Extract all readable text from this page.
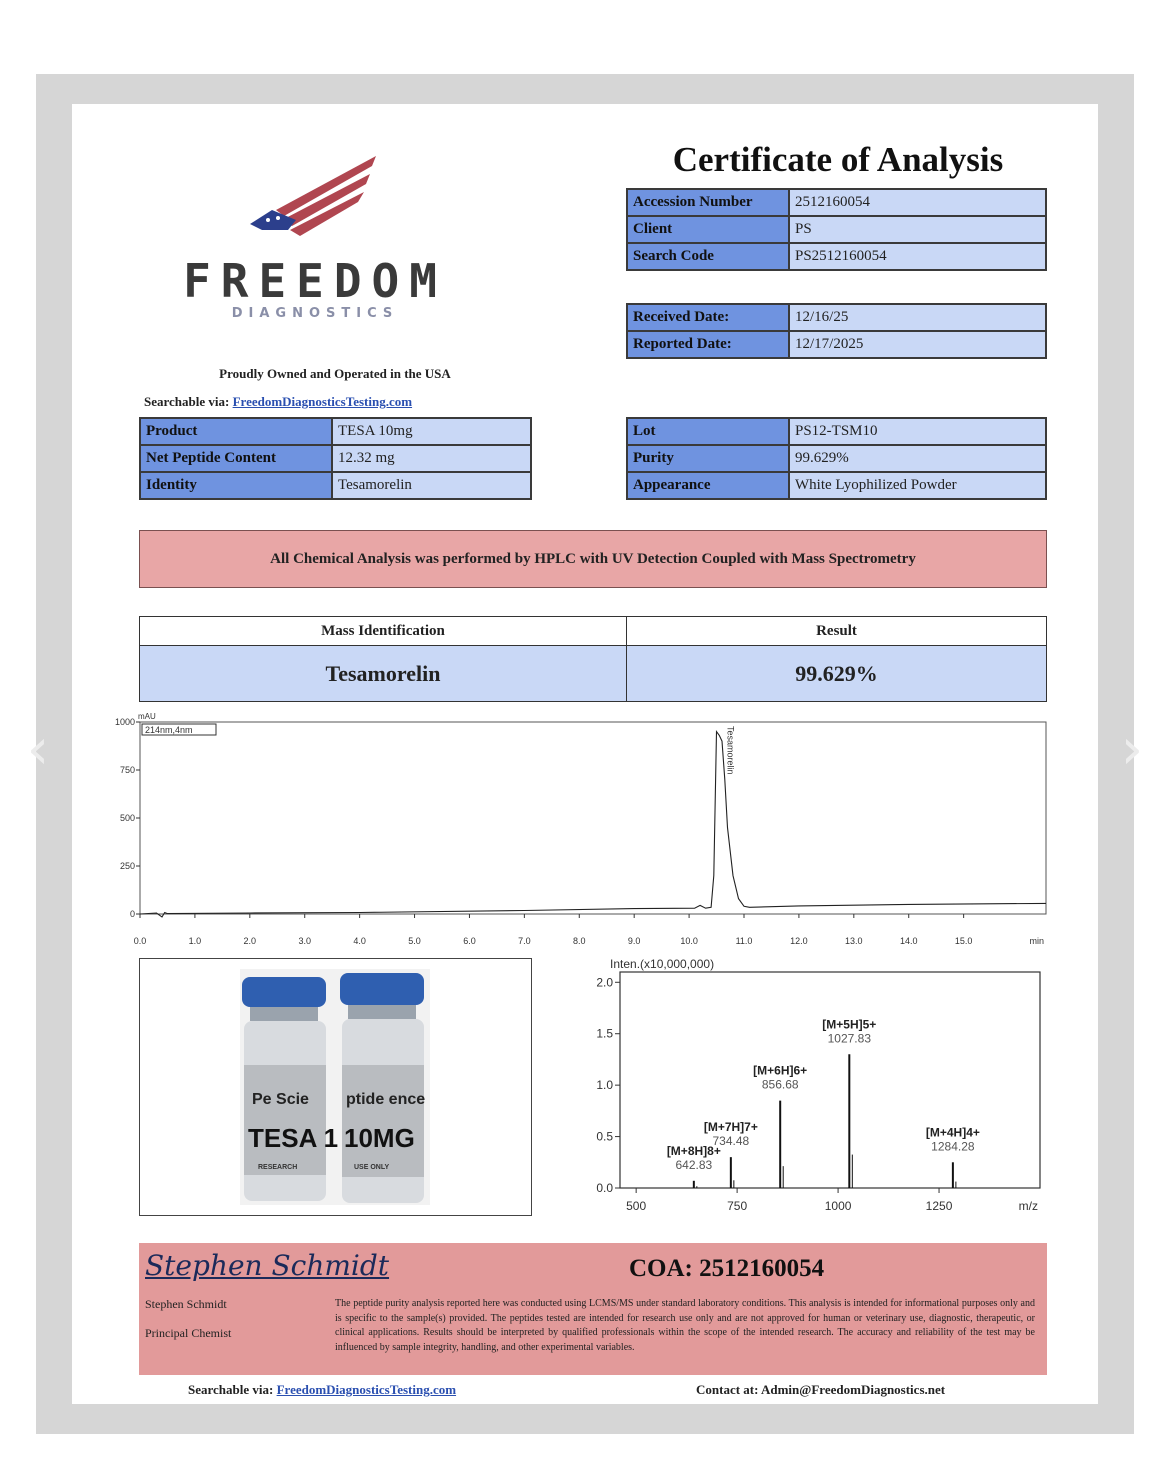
‹	›
FREEDOM
DIAGNOSTICS
Proudly Owned and Operated in the USA
Searchable via: FreedomDiagnosticsTesting.com
Certificate of Analysis
Accession Number	2512160054
Client	PS
Search Code	PS2512160054
Received Date:	12/16/25
Reported Date:	12/17/2025
Product	TESA 10mg
Net Peptide Content	12.32 mg
Identity	Tesamorelin
Lot	PS12-TSM10
Purity	99.629%
Appearance	White Lyophilized Powder
All Chemical Analysis was performed by HPLC with UV Detection Coupled with Mass Spectrometry
Mass Identification	Result
Tesamorelin	99.629%
mAU
214nm,4nm
0
250
500
750
1000
0.0	1.0	2.0	3.0	4.0	5.0	6.0	7.0	8.0	9.0	10.0	11.0	12.0	13.0	14.0	15.0	min
Tesamorelin
Pe Scie
TESA 1
RESEARCH
ptide ence
10MG
USE ONLY
Inten.(x10,000,000)
0.0
0.5
1.0
1.5
2.0
500	750	1000	1250	m/z
[M+8H]8+
642.83
[M+7H]7+
734.48
[M+6H]6+
856.68
[M+5H]5+
1027.83
[M+4H]4+
1284.28
Stephen Schmidt	COA: 2512160054
Stephen Schmidt
Principal Chemist
The peptide purity analysis reported here was conducted using LCMS/MS under standard laboratory conditions. This analysis is intended for informational purposes only and is specific to the sample(s) provided. The peptides tested are intended for research use only and are not approved for human or veterinary use, diagnostic, therapeutic, or clinical applications. Results should be interpreted by qualified professionals within the scope of the intended research. The accuracy and reliability of the test may be influenced by sample integrity, handling, and other experimental variables.
Searchable via: FreedomDiagnosticsTesting.com	Contact at: Admin@FreedomDiagnostics.net
